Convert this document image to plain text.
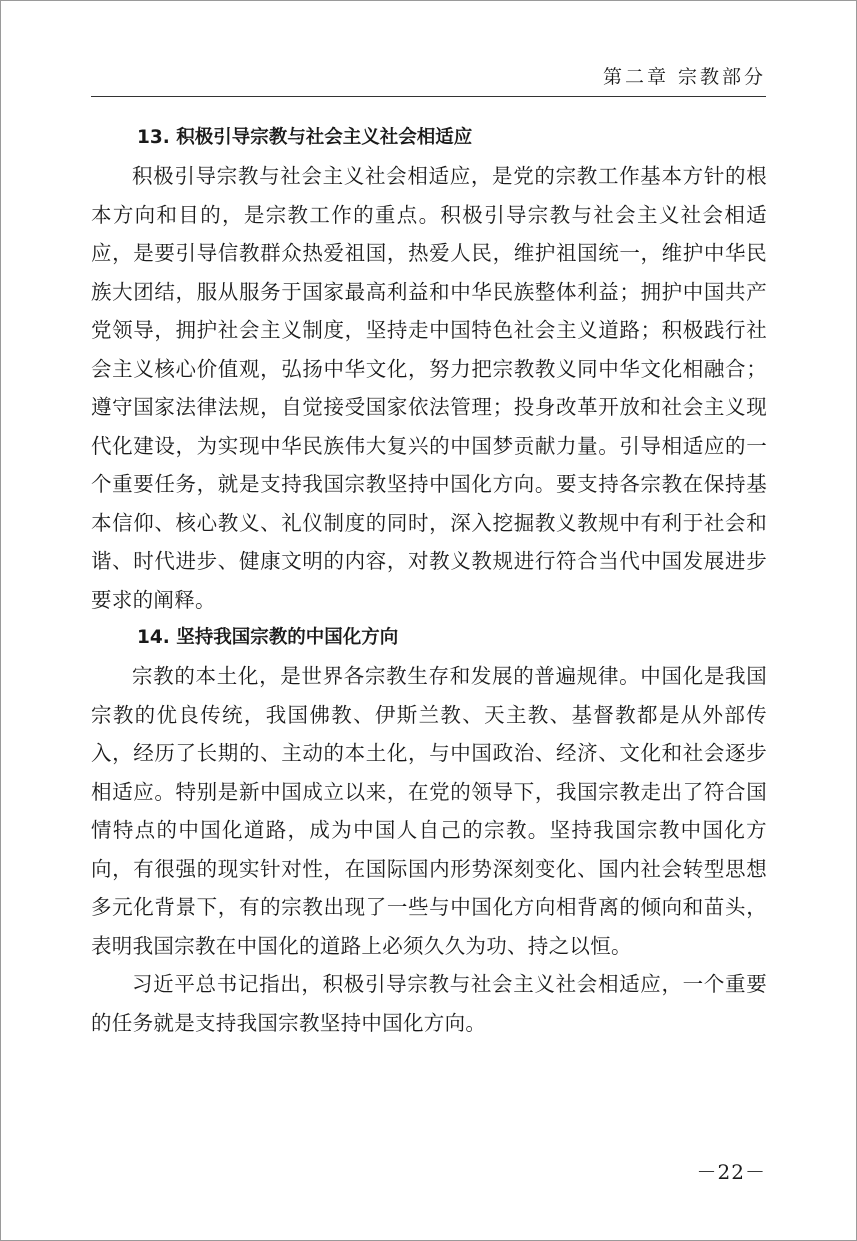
第二章 宗教部分
13. 积极引导宗教与社会主义社会相适应

积极引导宗教与社会主义社会相适应，是党的宗教工作基本方针的根本方向和目的，是宗教工作的重点。积极引导宗教与社会主义社会相适应，是要引导信教群众热爱祖国，热爱人民，维护祖国统一，维护中华民族大团结，服从服务于国家最高利益和中华民族整体利益；拥护中国共产党领导，拥护社会主义制度，坚持走中国特色社会主义道路；积极践行社会主义核心价值观，弘扬中华文化，努力把宗教教义同中华文化相融合；遵守国家法律法规，自觉接受国家依法管理；投身改革开放和社会主义现代化建设，为实现中华民族伟大复兴的中国梦贡献力量。引导相适应的一个重要任务，就是支持我国宗教坚持中国化方向。要支持各宗教在保持基本信仰、核心教义、礼仪制度的同时，深入挖掘教义教规中有利于社会和谐、时代进步、健康文明的内容，对教义教规进行符合当代中国发展进步要求的阐释。

14. 坚持我国宗教的中国化方向

宗教的本土化，是世界各宗教生存和发展的普遍规律。中国化是我国宗教的优良传统，我国佛教、伊斯兰教、天主教、基督教都是从外部传入，经历了长期的、主动的本土化，与中国政治、经济、文化和社会逐步相适应。特别是新中国成立以来，在党的领导下，我国宗教走出了符合国情特点的中国化道路，成为中国人自己的宗教。坚持我国宗教中国化方向，有很强的现实针对性，在国际国内形势深刻变化、国内社会转型思想多元化背景下，有的宗教出现了一些与中国化方向相背离的倾向和苗头，表明我国宗教在中国化的道路上必须久久为功、持之以恒。

习近平总书记指出，积极引导宗教与社会主义社会相适应，一个重要的任务就是支持我国宗教坚持中国化方向。

－22－
